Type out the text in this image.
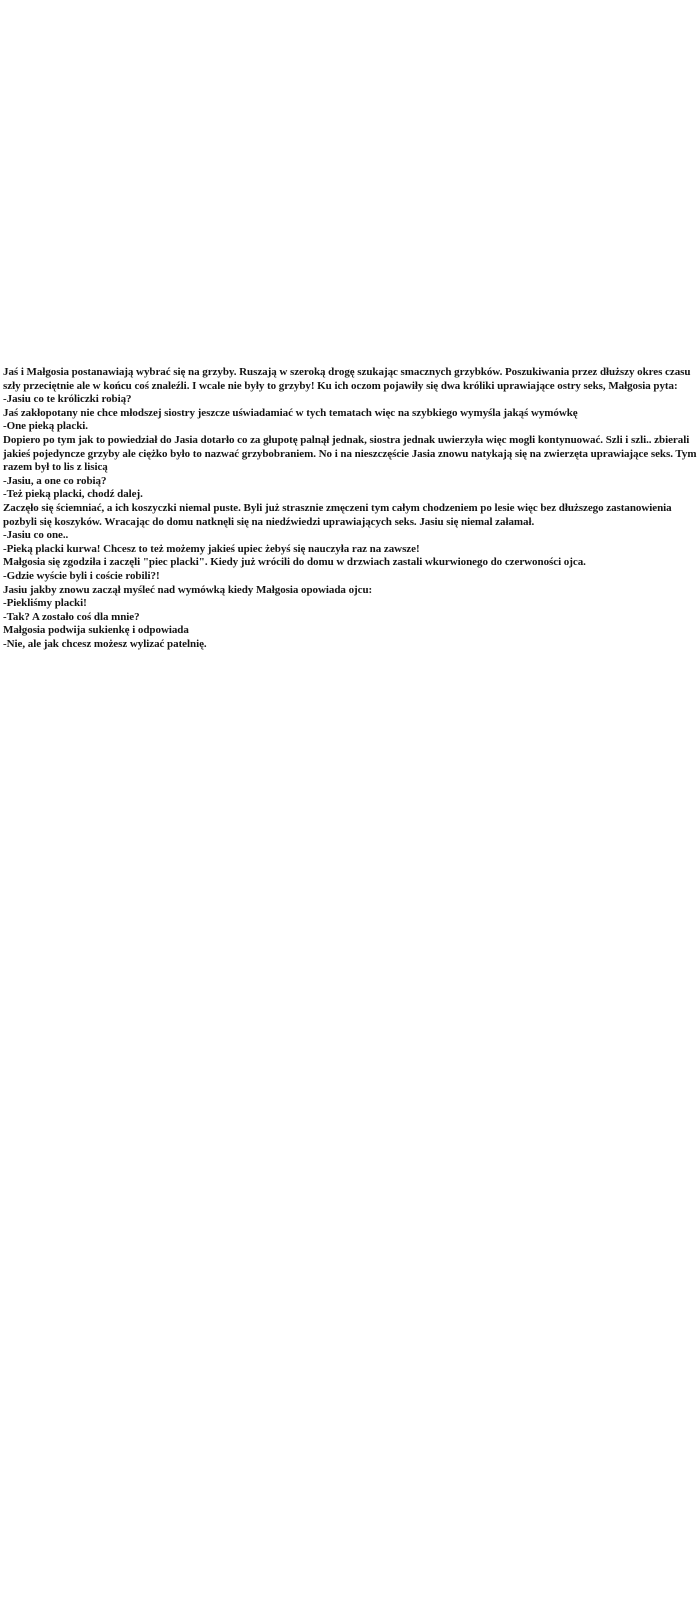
Jaś i Małgosia postanawiają wybrać się na grzyby. Ruszają w szeroką drogę szukając smacznych grzybków. Poszukiwania przez dłuższy okres czasu
szły przeciętnie ale w końcu coś znaleźli. I wcale nie były to grzyby! Ku ich oczom pojawiły się dwa króliki uprawiające ostry seks, Małgosia pyta:
-Jasiu co te króliczki robią?
Jaś zakłopotany nie chce młodszej siostry jeszcze uświadamiać w tych tematach więc na szybkiego wymyśla jakąś wymówkę
-One pieką placki.
Dopiero po tym jak to powiedział do Jasia dotarło co za głupotę palnął jednak, siostra jednak uwierzyła więc mogli kontynuować. Szli i szli.. zbierali
jakieś pojedyncze grzyby ale ciężko było to nazwać grzybobraniem. No i na nieszczęście Jasia znowu natykają się na zwierzęta uprawiające seks. Tym
razem był to lis z lisicą
-Jasiu, a one co robią?
-Też pieką placki, chodź dalej.
Zaczęło się ściemniać, a ich koszyczki niemal puste. Byli już strasznie zmęczeni tym całym chodzeniem po lesie więc bez dłuższego zastanowienia
pozbyli się koszyków. Wracając do domu natknęli się na niedźwiedzi uprawiających seks. Jasiu się niemal załamał.
-Jasiu co one..
-Pieką placki kurwa! Chcesz to też możemy jakieś upiec żebyś się nauczyła raz na zawsze!
Małgosia się zgodziła i zaczęli "piec placki". Kiedy już wrócili do domu w drzwiach zastali wkurwionego do czerwoności ojca.
-Gdzie wyście byli i coście robili?!
Jasiu jakby znowu zaczął myśleć nad wymówką kiedy Małgosia opowiada ojcu:
-Piekliśmy placki!
-Tak? A zostało coś dla mnie?
Małgosia podwija sukienkę i odpowiada
-Nie, ale jak chcesz możesz wylizać patelnię.
